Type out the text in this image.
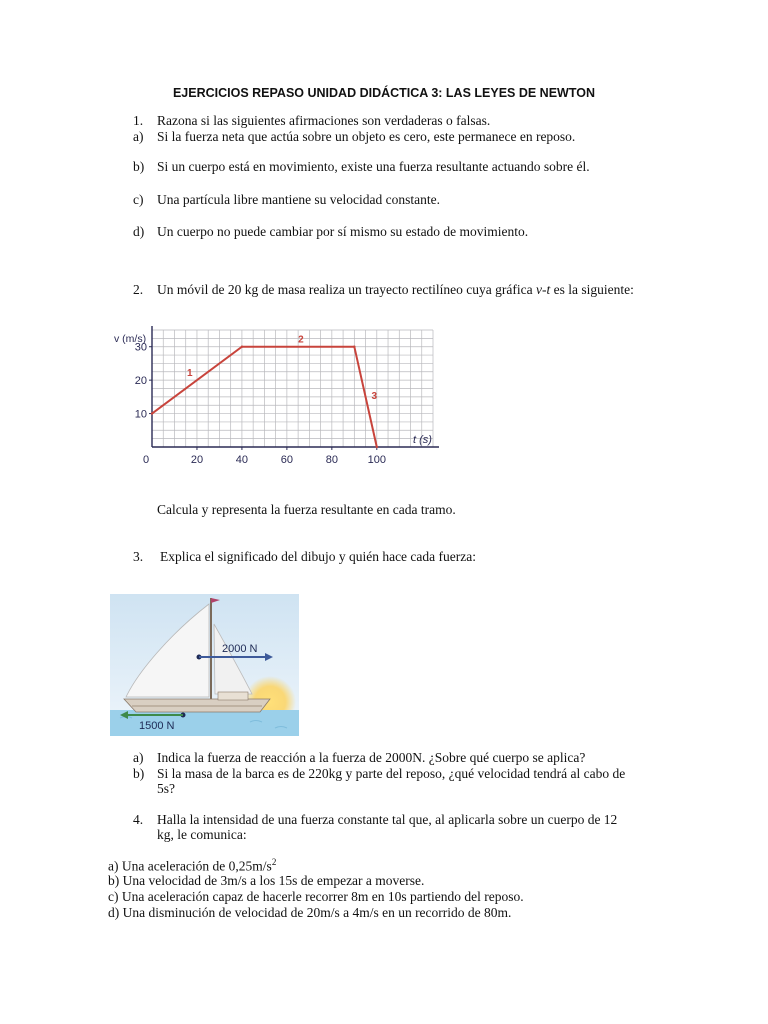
EJERCICIOS REPASO UNIDAD DIDÁCTICA 3: LAS LEYES DE NEWTON
1. Razona si las siguientes afirmaciones son verdaderas o falsas.
a) Si la fuerza neta que actúa sobre un objeto es cero, este permanece en reposo.
b) Si un cuerpo está en movimiento, existe una fuerza resultante actuando sobre él.
c) Una partícula libre mantiene su velocidad constante.
d) Un cuerpo no puede cambiar por sí mismo su estado de movimiento.
2. Un móvil de 20 kg de masa realiza un trayecto rectilíneo cuya gráfica v-t es la siguiente:
20	40	60	80	100
10
20
30
0
v (m/s)
t (s)
1
2
3
Calcula y representa la fuerza resultante en cada tramo.
3. Explica el significado del dibujo y quién hace cada fuerza:
2000 N
1500 N
a) Indica la fuerza de reacción a la fuerza de 2000N. ¿Sobre qué cuerpo se aplica?
b) Si la masa de la barca es de 220kg y parte del reposo, ¿qué velocidad tendrá al cabo de
5s?
4. Halla la intensidad de una fuerza constante tal que, al aplicarla sobre un cuerpo de 12
kg, le comunica:
a) Una aceleración de $0,25m/s^2$
b) Una velocidad de 3m/s a los 15s de empezar a moverse.
c) Una aceleración capaz de hacerle recorrer 8m en 10s partiendo del reposo.
d) Una disminución de velocidad de 20m/s a 4m/s en un recorrido de 80m.
